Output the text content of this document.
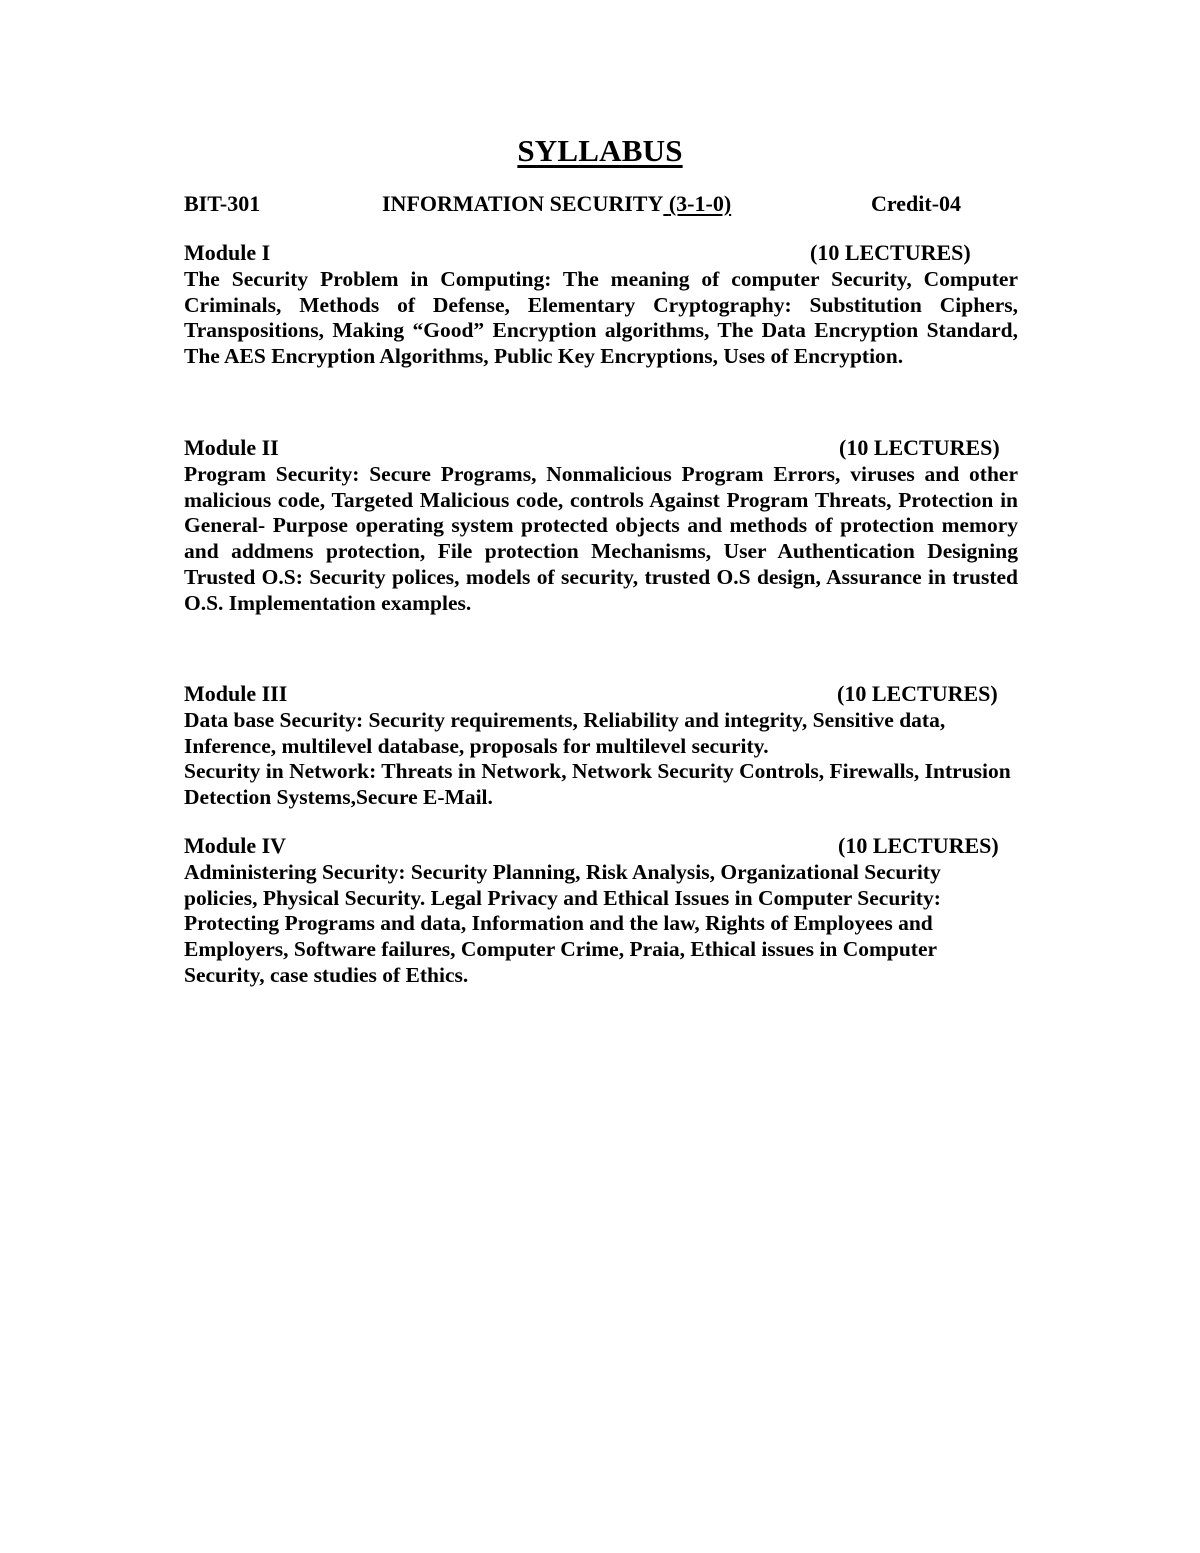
SYLLABUS
BIT-301	INFORMATION SECURITY (3-1-0)	Credit-04
Module I	(10 LECTURES)
The Security Problem in Computing: The meaning of computer Security, Computer Criminals, Methods of Defense, Elementary Cryptography: Substitution Ciphers, Transpositions, Making “Good” Encryption algorithms, The Data Encryption Standard, The AES Encryption Algorithms, Public Key Encryptions, Uses of Encryption.
Module II	(10 LECTURES)
Program Security: Secure Programs, Nonmalicious Program Errors, viruses and other malicious code, Targeted Malicious code, controls Against Program Threats, Protection in General- Purpose operating system protected objects and methods of protection memory and addmens protection, File protection Mechanisms, User Authentication Designing Trusted O.S: Security polices, models of security, trusted O.S design, Assurance in trusted O.S. Implementation examples.
Module III	(10 LECTURES)
Data base Security: Security requirements, Reliability and integrity, Sensitive data, Inference, multilevel database, proposals for multilevel security.
Security in Network: Threats in Network, Network Security Controls, Firewalls, Intrusion Detection Systems,Secure E-Mail.
Module IV	(10 LECTURES)
Administering Security: Security Planning, Risk Analysis, Organizational Security policies, Physical Security. Legal Privacy and Ethical Issues in Computer Security: Protecting Programs and data, Information and the law, Rights of Employees and Employers, Software failures, Computer Crime, Praia, Ethical issues in Computer Security, case studies of Ethics.
